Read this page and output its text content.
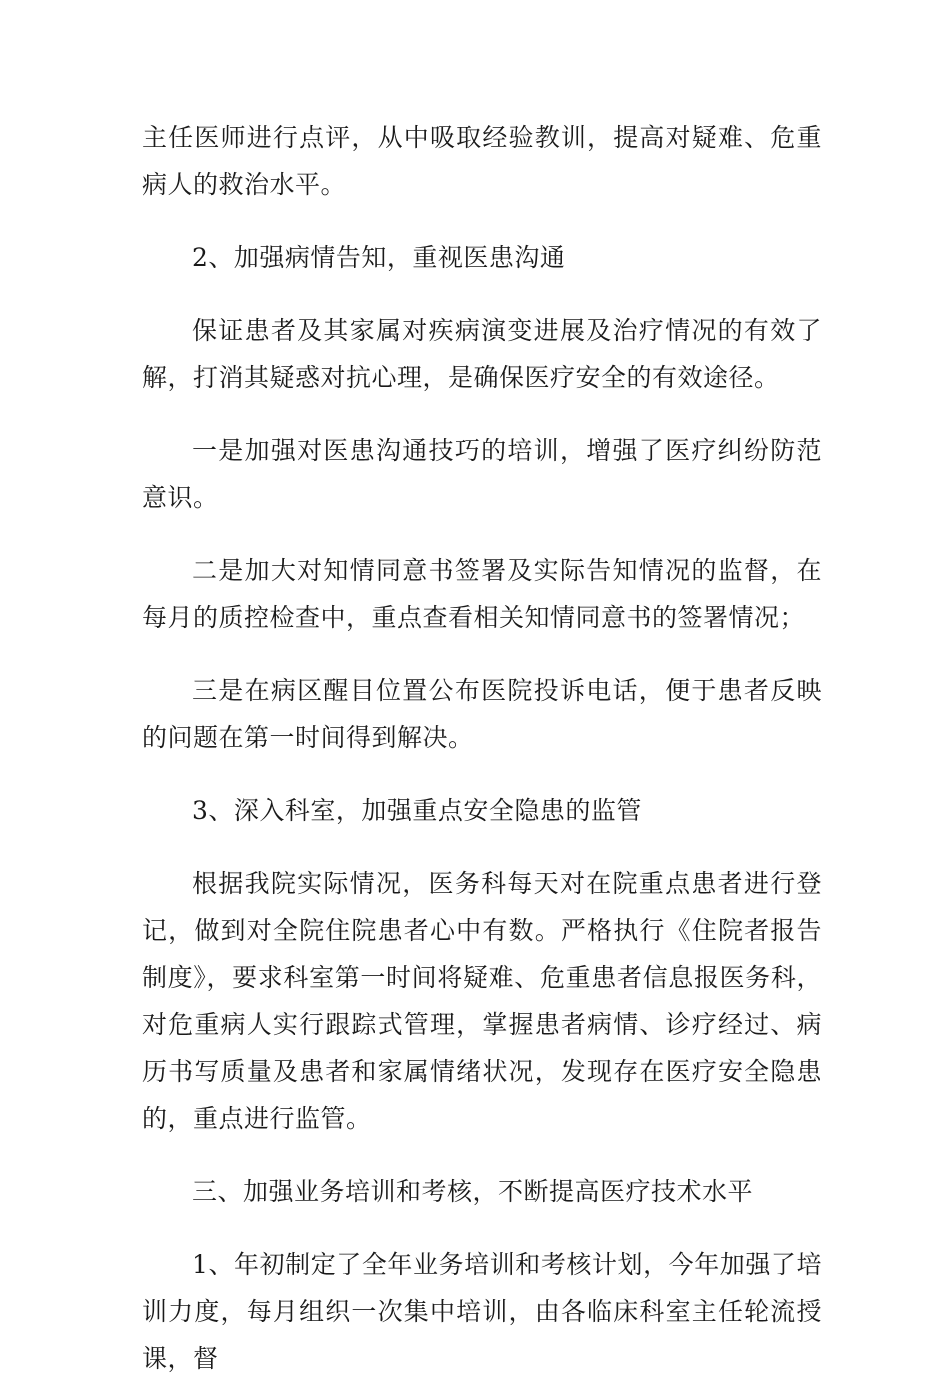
主任医师进行点评，从中吸取经验教训，提高对疑难、危重病人的救治水平。

2、加强病情告知，重视医患沟通

保证患者及其家属对疾病演变进展及治疗情况的有效了解，打消其疑惑对抗心理，是确保医疗安全的有效途径。

一是加强对医患沟通技巧的培训，增强了医疗纠纷防范意识。

二是加大对知情同意书签署及实际告知情况的监督，在每月的质控检查中，重点查看相关知情同意书的签署情况；

三是在病区醒目位置公布医院投诉电话，便于患者反映的问题在第一时间得到解决。

3、深入科室，加强重点安全隐患的监管

根据我院实际情况，医务科每天对在院重点患者进行登记，做到对全院住院患者心中有数。严格执行《住院者报告制度》，要求科室第一时间将疑难、危重患者信息报医务科，对危重病人实行跟踪式管理，掌握患者病情、诊疗经过、病历书写质量及患者和家属情绪状况，发现存在医疗安全隐患的，重点进行监管。

三、加强业务培训和考核，不断提高医疗技术水平

1、年初制定了全年业务培训和考核计划，今年加强了培训力度，每月组织一次集中培训，由各临床科室主任轮流授课，督
